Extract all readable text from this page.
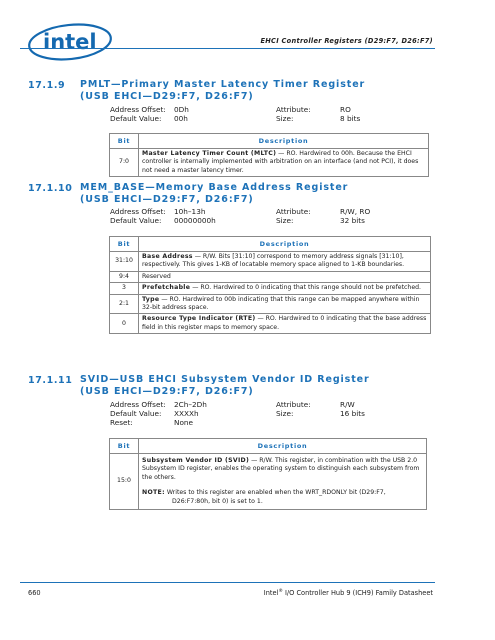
intel	EHCI Controller Registers (D29:F7, D26:F7)
17.1.9 PMLT—Primary Master Latency Timer Register
(USB EHCI—D29:F7, D26:F7)
Address Offset: 0Dh	Attribute:	RO
Default Value: 00h	Size:	8 bits
Bit	Description
7:0	Master Latency Timer Count (MLTC) — RO. Hardwired to 00h. Because the EHCI controller is internally implemented with arbitration on an interface (and not PCI), it does not need a master latency timer.
17.1.10 MEM_BASE—Memory Base Address Register
(USB EHCI—D29:F7, D26:F7)
Address Offset: 10h–13h	Attribute:	R/W, RO
Default Value: 00000000h	Size:	32 bits
Bit	Description
31:10	Base Address — R/W. Bits [31:10] correspond to memory address signals [31:10], respectively. This gives 1-KB of locatable memory space aligned to 1-KB boundaries.
9:4	Reserved
3	Prefetchable — RO. Hardwired to 0 indicating that this range should not be prefetched.
2:1	Type — RO. Hardwired to 00b indicating that this range can be mapped anywhere within 32-bit address space.
0	Resource Type Indicator (RTE) — RO. Hardwired to 0 indicating that the base address field in this register maps to memory space.
17.1.11 SVID—USB EHCI Subsystem Vendor ID Register
(USB EHCI—D29:F7, D26:F7)
Address Offset: 2Ch–2Dh	Attribute:	R/W
Default Value: XXXXh	Size:	16 bits
Reset:	None
Bit	Description
15:0	Subsystem Vendor ID (SVID) — R/W. This register, in combination with the USB 2.0 Subsystem ID register, enables the operating system to distinguish each subsystem from the others.
NOTE: Writes to this register are enabled when the WRT_RDONLY bit (D29:F7, D26:F7:80h, bit 0) is set to 1.
660	Intel® I/O Controller Hub 9 (ICH9) Family Datasheet
